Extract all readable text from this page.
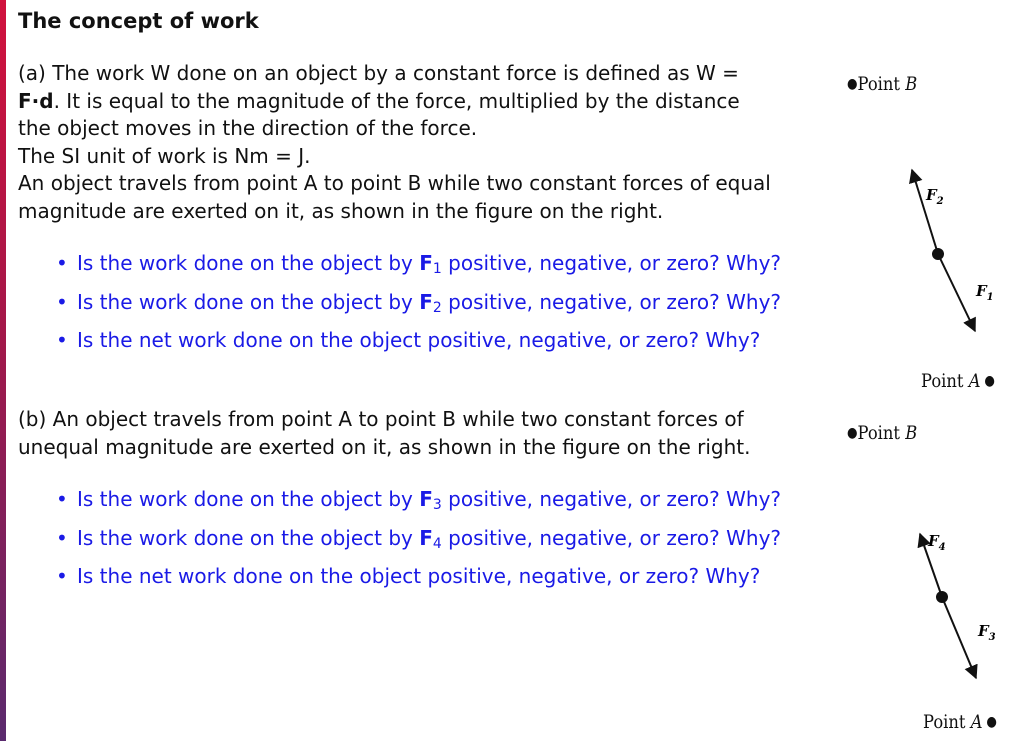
The concept of work

(a) The work W done on an object by a constant force is defined as W =

F·d. It is equal to the magnitude of the force, multiplied by the distance

the object moves in the direction of the force.

The SI unit of work is Nm = J.

An object travels from point A to point B while two constant forces of equal

magnitude are exerted on it, as shown in the figure on the right.

• Is the work done on the object by $F_1$ positive, negative, or zero? Why?
• Is the work done on the object by $F_2$ positive, negative, or zero? Why?
• Is the net work done on the object positive, negative, or zero? Why?

(b) An object travels from point A to point B while two constant forces of

unequal magnitude are exerted on it, as shown in the figure on the right.

• Is the work done on the object by $F_3$ positive, negative, or zero? Why?
• Is the work done on the object by $F_4$ positive, negative, or zero? Why?
• Is the net work done on the object positive, negative, or zero? Why?
●Point B
$F_2$
$F_1$
Point A ●
●Point B
$F_4$
$F_3$
Point A ●
